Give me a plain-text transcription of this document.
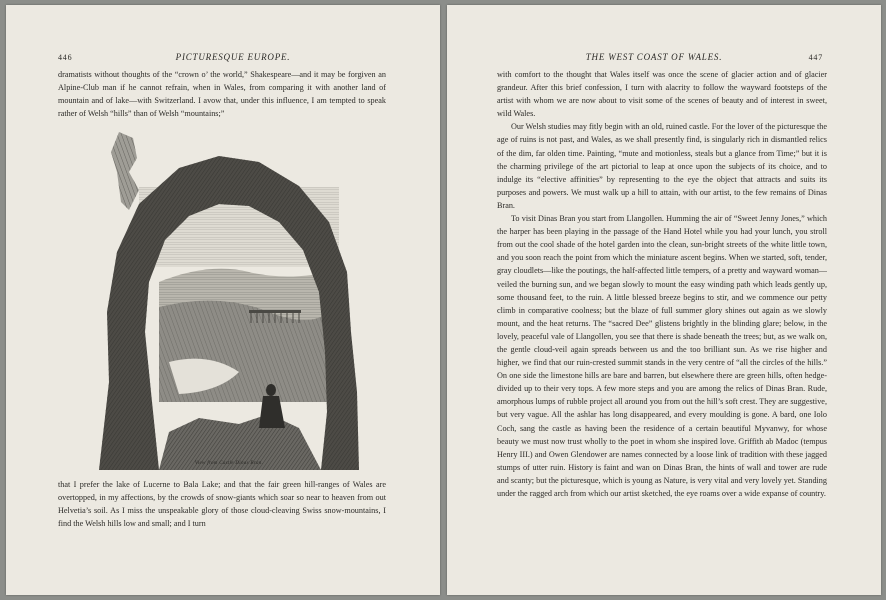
446	PICTURESQUE EUROPE.

dramatists without thoughts of the “crown o’ the world,” Shakespeare—and it may be forgiven an Alpine-Club man if he cannot refrain, when in Wales, from comparing it with another land of mountain and of lake—with Switzerland. I avow that, under this influence, I am tempted to speak rather of Welsh “hills” than of Welsh “mountains;”

View from Castle Dinas Bran.

that I prefer the lake of Lucerne to Bala Lake; and that the fair green hill-ranges of Wales are overtopped, in my affections, by the crowds of snow-giants which soar so near to heaven from out Helvetia’s soil. As I miss the unspeakable glory of those cloud-cleaving Swiss snow-mountains, I find the Welsh hills low and small; and I turn

THE WEST COAST OF WALES.	447

with comfort to the thought that Wales itself was once the scene of glacier action and of glacier grandeur. After this brief confession, I turn with alacrity to follow the wayward footsteps of the artist with whom we are now about to visit some of the scenes of beauty and of interest in sweet, wild Wales.

Our Welsh studies may fitly begin with an old, ruined castle. For the lover of the picturesque the age of ruins is not past, and Wales, as we shall presently find, is singularly rich in dismantled relics of the dim, far olden time. Painting, “mute and motionless, steals but a glance from Time;” but it is the charming privilege of the art pictorial to leap at once upon the subjects of its choice, and to indulge its “elective affinities” by representing to the eye the object that attracts and suits its purposes and powers. We must walk up a hill to attain, with our artist, to the few remains of Dinas Bran.

To visit Dinas Bran you start from Llangollen. Humming the air of “Sweet Jenny Jones,” which the harper has been playing in the passage of the Hand Hotel while you had your lunch, you stroll from out the cool shade of the hotel garden into the clean, sun-bright streets of the white little town, and you soon reach the point from which the miniature ascent begins. When we started, soft, tender, gray cloudlets—like the poutings, the half-affected little tempers, of a pretty and wayward woman—veiled the burning sun, and we began slowly to mount the easy winding path which leads gently up, some thousand feet, to the ruin. A little blessed breeze begins to stir, and we commence our petty climb in comparative coolness; but the blaze of full summer glory shines out again as we slowly mount, and the heat returns. The “sacred Dee” glistens brightly in the blinding glare; below, in the lovely, peaceful vale of Llangollen, you see that there is shade beneath the trees; but, as we walk on, the gentle cloud-veil again spreads between us and the too brilliant sun. As we rise higher and higher, we find that our ruin-crested summit stands in the very centre of “all the circles of the hills.” On one side the limestone hills are bare and barren, but elsewhere there are green hills, often hedge-divided up to their very tops. A few more steps and you are among the relics of Dinas Bran. Rude, amorphous lumps of rubble project all around you from out the hill’s soft crest. They are suggestive, but very vague. All the ashlar has long disappeared, and every moulding is gone. A bard, one Iolo Coch, sang the castle as having been the residence of a certain beautiful Myvanwy, for whose beauty we must now trust wholly to the poet in whom she inspired love. Griffith ab Madoc (tempus Henry III.) and Owen Glendower are names connected by a loose link of tradition with these jagged stumps of utter ruin. History is faint and wan on Dinas Bran, the hints of wall and tower are rude and scanty; but the picturesque, which is young as Nature, is very vital and very lovely yet. Standing under the ragged arch from which our artist sketched, the eye roams over a wide expanse of country.
